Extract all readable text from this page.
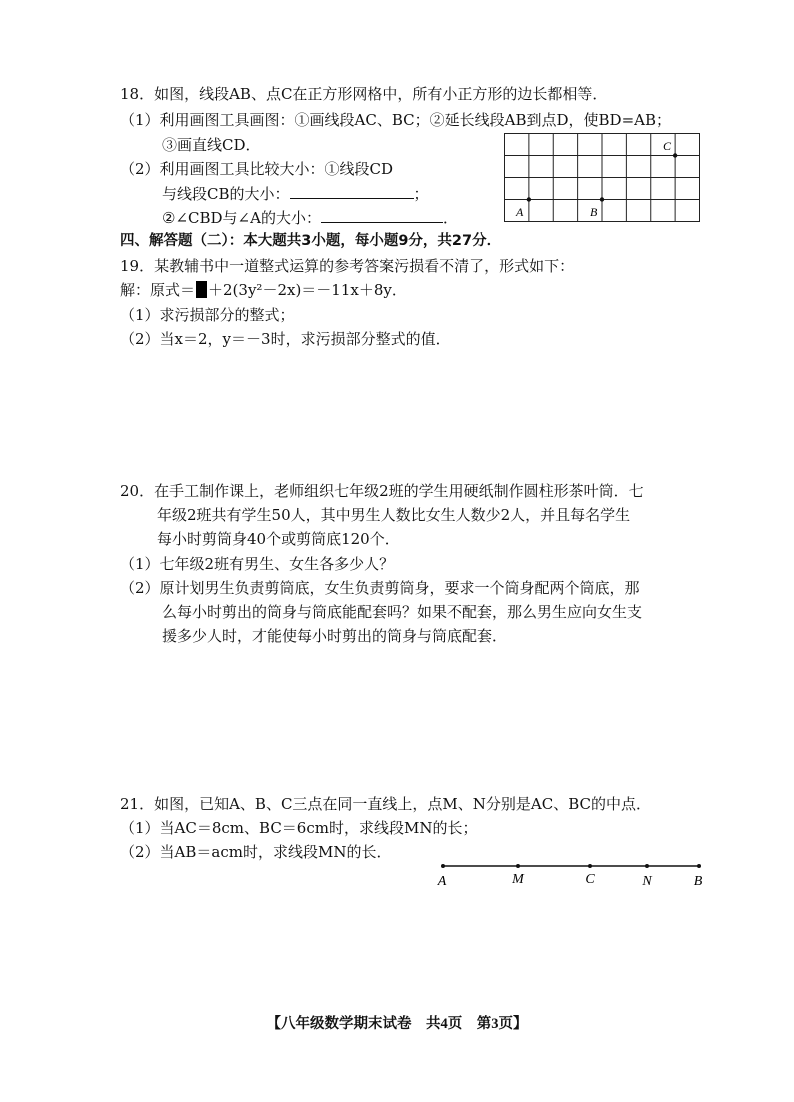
18．如图，线段AB、点C在正方形网格中，所有小正方形的边长都相等．
（1）利用画图工具画图：①画线段AC、BC；②延长线段AB到点D，使BD=AB；
③画直线CD．
（2）利用画图工具比较大小：①线段CD
与线段CB的大小：	；
②∠CBD与∠A的大小：	．	A	B
C
四、解答题（二）：本大题共3小题，每小题9分，共27分．
19．某教辅书中一道整式运算的参考答案污损看不清了，形式如下：
解：原式＝ ＋2(3y²－2x)＝－11x＋8y．
（1）求污损部分的整式；
（2）当x＝2，y＝－3时，求污损部分整式的值．
20．在手工制作课上，老师组织七年级2班的学生用硬纸制作圆柱形茶叶筒．七
年级2班共有学生50人，其中男生人数比女生人数少2人，并且每名学生
每小时剪筒身40个或剪筒底120个．
（1）七年级2班有男生、女生各多少人？
（2）原计划男生负责剪筒底，女生负责剪筒身，要求一个筒身配两个筒底，那
么每小时剪出的筒身与筒底能配套吗？如果不配套，那么男生应向女生支
援多少人时，才能使每小时剪出的筒身与筒底配套．
21．如图，已知A、B、C三点在同一直线上，点M、N分别是AC、BC的中点．
（1）当AC＝8cm、BC＝6cm时，求线段MN的长；
（2）当AB＝acm时，求线段MN的长．
A	M	C	N	B
【八年级数学期末试卷　共4页　第3页】
